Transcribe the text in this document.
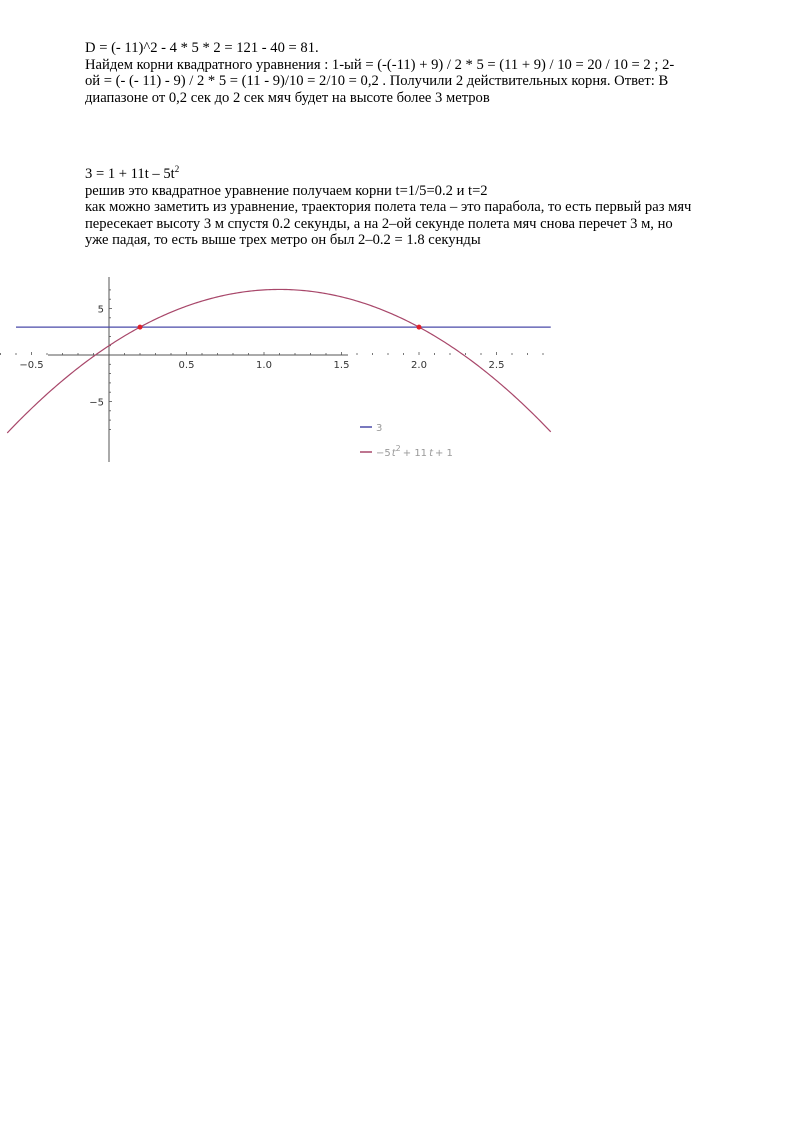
D = (- 11)^2 - 4 * 5 * 2 = 121 - 40 = 81.
Найдем корни квадратного уравнения : 1-ый = (-(-11) + 9) / 2 * 5 = (11 + 9) / 10 = 20 / 10 = 2 ; 2-
ой = (- (- 11) - 9) / 2 * 5 = (11 - 9)/10 = 2/10 = 0,2 . Получили 2 действительных корня. Ответ: В
диапазоне от 0,2 сек до 2 сек мяч будет на высоте более 3 метров
$3 = 1 + 11t - 5t^2$
решив это квадратное уравнение получаем корни t=1/5=0.2 и t=2
как можно заметить из уравнение, траектория полета тела – это парабола, то есть первый раз мяч
пересекает высоту 3 м спустя 0.2 секунды, а на 2–ой секунде полета мяч снова перечет 3 м, но
уже падая, то есть выше трех метро он был 2–0.2 = 1.8 секунды
−0.5	0.5	1.0	1.5	2.0	2.5
5
−5
3
$-5t^2 + 11$ t + 1
